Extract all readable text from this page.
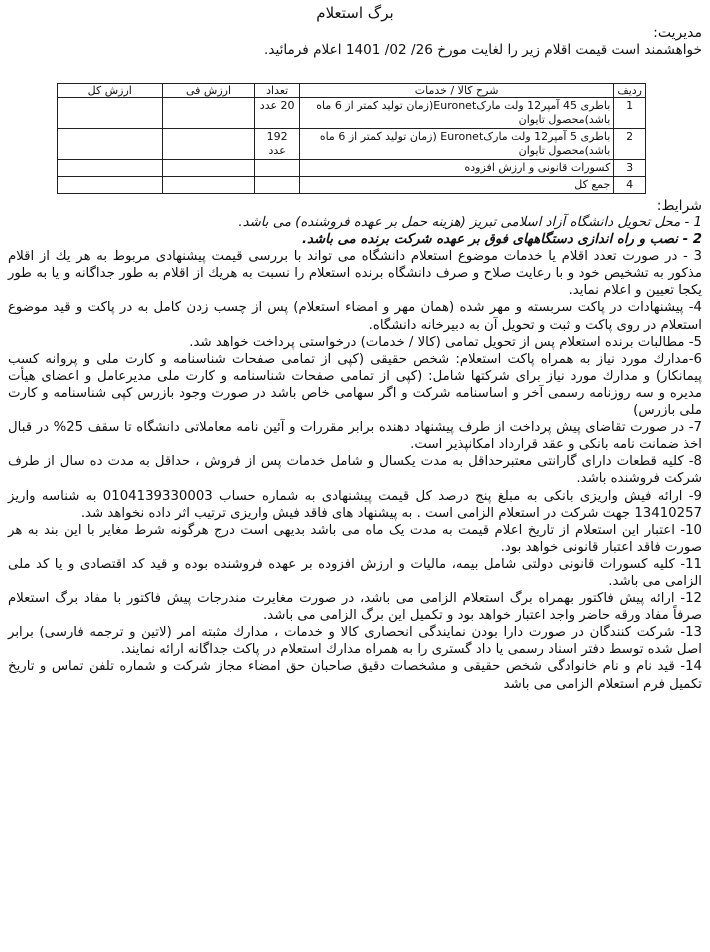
برگ استعلام
مدیریت:
خواهشمند است قیمت اقلام زیر را لغایت مورخ 26/ 02/ 1401 اعلام فرمائید.
ردیف	شرح کالا / خدمات	تعداد	ارزش فی	ارزش کل
1	باطری 45 آمپر12 ولت مارکEuronet(زمان تولید کمتر از 6 ماه باشد)محصول تایوان	20 عدد		
2	باطری 5 آمپر12 ولت مارکEuronet (زمان تولید کمتر از 6 ماه باشد)محصول تایوان	192 عدد		
3	کسورات قانونی و ارزش افزوده			
4	جمع کل			
شرایط:

1 - محل تحویل دانشگاه آزاد اسلامی تبریز (هزینه حمل بر عهده فروشنده) می باشد.

2 - نصب و راه اندازی دستگاههای فوق بر عهده شرکت برنده می باشد.

3 - در صورت تعدد اقلام یا خدمات موضوع استعلام دانشگاه می تواند با بررسی قیمت پیشنهادی مربوط به هر یك از اقلام مذکور به تشخیص خود و با رعایت صلاح و صرف دانشگاه برنده استعلام را نسبت به هریك از اقلام به طور جداگانه و یا به طور یکجا تعیین و اعلام نماید.

4- پیشنهادات در پاکت سربسته و مهر شده (همان مهر و امضاء استعلام) پس از چسب زدن کامل به در پاکت و قید موضوع استعلام در روی پاکت و ثبت و تحویل آن به دبیرخانه دانشگاه.

5- مطالبات برنده استعلام پس از تحویل تمامی (کالا / خدمات) درخواستی پرداخت خواهد شد.

6-مدارك مورد نیاز به همراه پاکت استعلام: شخص حقیقی (کپی از تمامی صفحات شناسنامه و کارت ملی و پروانه کسب پیمانکار) و مدارك مورد نیاز برای شرکتها شامل: (کپی از تمامی صفحات شناسنامه و کارت ملی مدیرعامل و اعضای هیأت مدیره و سه روزنامه رسمی آخر و اساسنامه شرکت و اگر سهامی خاص باشد در صورت وجود بازرس کپی شناسنامه و کارت ملی بازرس)

7- در صورت تقاضای پیش پرداخت از طرف پیشنهاد دهنده برابر مقررات و آئین نامه معاملاتی دانشگاه تا سقف 25% در قبال اخذ ضمانت نامه بانکی و عقد قرارداد امکانپذیر است.

8- کلیه قطعات دارای گارانتی معتبرحداقل به مدت یکسال و شامل خدمات پس از فروش ، حداقل به مدت ده سال از طرف شرکت فروشنده باشد.

9- ارائه فیش واریزی بانکی به مبلغ پنج درصد کل قیمت پیشنهادی به شماره حساب 0104139330003 به شناسه واریز 13410257 جهت شرکت در استعلام الزامی است . به پیشنهاد های فاقد فیش واریزی ترتیب اثر داده نخواهد شد.

10- اعتبار این استعلام از تاریخ اعلام قیمت به مدت یک ماه می باشد بدیهی است درج هرگونه شرط مغایر با این بند به هر صورت فاقد اعتبار قانونی خواهد بود.

11- کلیه کسورات قانونی دولتی شامل بیمه، مالیات و ارزش افزوده بر عهده فروشنده بوده و قید کد اقتصادی و یا کد ملی الزامی می باشد.

12- ارائه پیش فاکتور بهمراه برگ استعلام الزامی می باشد، در صورت مغایرت مندرجات پیش فاکتور با مفاد برگ استعلام صرفاً مفاد ورقه حاضر واجد اعتبار خواهد بود و تکمیل این برگ الزامی می باشد.

13- شرکت کنندگان در صورت دارا بودن نمایندگی انحصاری کالا و خدمات ، مدارك مثبته امر (لاتین و ترجمه فارسی) برابر اصل شده توسط دفتر اسناد رسمی یا داد گستری را به همراه مدارك استعلام در پاکت جداگانه ارائه نمایند.

14- قید نام و نام خانوادگی شخص حقیقی و مشخصات دقیق صاحبان حق امضاء مجاز شرکت و شماره تلفن تماس و تاریخ تکمیل فرم استعلام الزامی می باشد
